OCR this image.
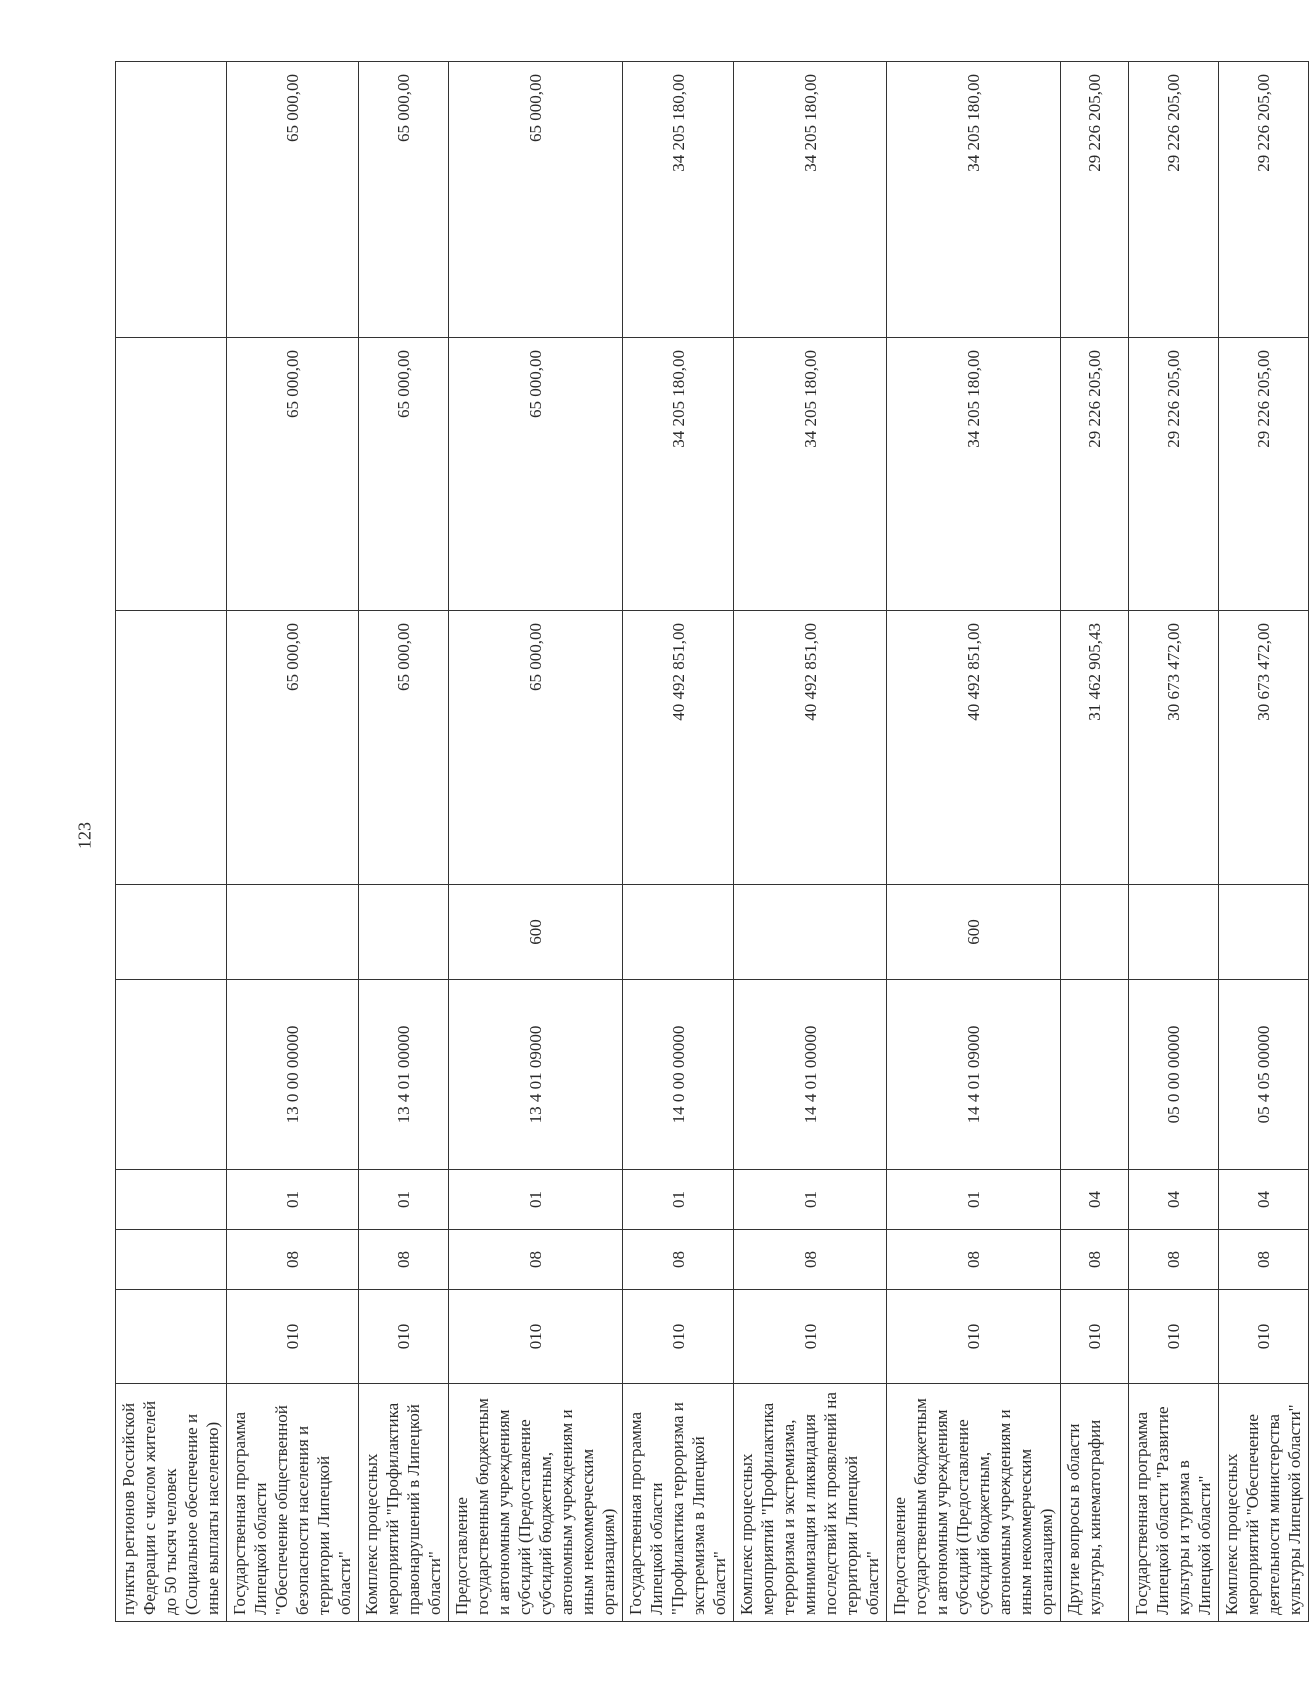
123
пункты регионов Российской Федерации с числом жителей до 50 тысяч человек (Социальное обеспечение и иные выплаты населению)								
Государственная программа Липецкой области "Обеспечение общественной безопасности населения и территории Липецкой области"	010	08	01	13 0 00 00000		65 000,00	65 000,00	65 000,00
Комплекс процессных мероприятий "Профилактика правонарушений в Липецкой области"	010	08	01	13 4 01 00000		65 000,00	65 000,00	65 000,00
Предоставление государственным бюджетным и автономным учреждениям субсидий (Предоставление субсидий бюджетным, автономным учреждениям и иным некоммерческим организациям)	010	08	01	13 4 01 09000	600	65 000,00	65 000,00	65 000,00
Государственная программа Липецкой области "Профилактика терроризма и экстремизма в Липецкой области"	010	08	01	14 0 00 00000		40 492 851,00	34 205 180,00	34 205 180,00
Комплекс процессных мероприятий "Профилактика терроризма и экстремизма, минимизация и ликвидация последствий их проявлений на территории Липецкой области"	010	08	01	14 4 01 00000		40 492 851,00	34 205 180,00	34 205 180,00
Предоставление государственным бюджетным и автономным учреждениям субсидий (Предоставление субсидий бюджетным, автономным учреждениям и иным некоммерческим организациям)	010	08	01	14 4 01 09000	600	40 492 851,00	34 205 180,00	34 205 180,00
Другие вопросы в области культуры, кинематографии	010	08	04			31 462 905,43	29 226 205,00	29 226 205,00
Государственная программа Липецкой области "Развитие культуры и туризма в Липецкой области"	010	08	04	05 0 00 00000		30 673 472,00	29 226 205,00	29 226 205,00
Комплекс процессных мероприятий "Обеспечение деятельности министерства культуры Липецкой области"	010	08	04	05 4 05 00000		30 673 472,00	29 226 205,00	29 226 205,00
